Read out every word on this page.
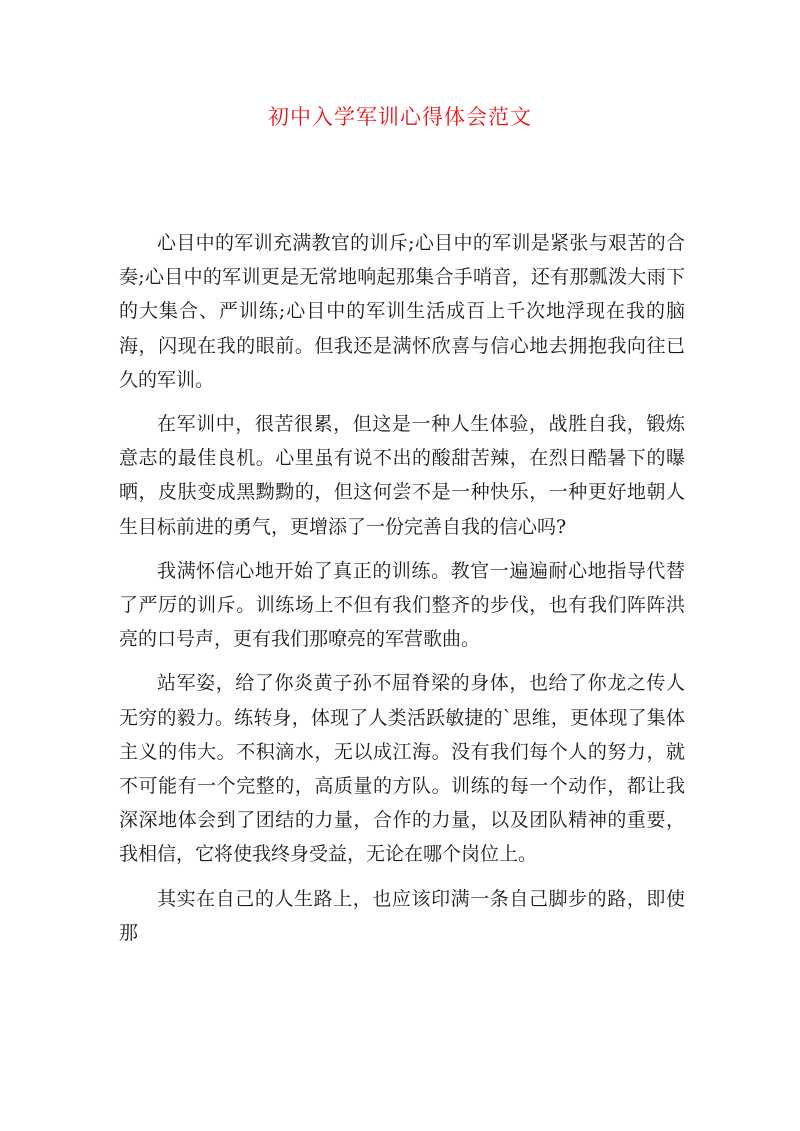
初中入学军训心得体会范文

心目中的军训充满教官的训斥;心目中的军训是紧张与艰苦的合奏;心目中的军训更是无常地响起那集合手哨音，还有那瓢泼大雨下的大集合、严训练;心目中的军训生活成百上千次地浮现在我的脑海，闪现在我的眼前。但我还是满怀欣喜与信心地去拥抱我向往已久的军训。

在军训中，很苦很累，但这是一种人生体验，战胜自我，锻炼意志的最佳良机。心里虽有说不出的酸甜苦辣，在烈日酷暑下的曝晒，皮肤变成黑黝黝的，但这何尝不是一种快乐，一种更好地朝人生目标前进的勇气，更增添了一份完善自我的信心吗?

我满怀信心地开始了真正的训练。教官一遍遍耐心地指导代替了严厉的训斥。训练场上不但有我们整齐的步伐，也有我们阵阵洪亮的口号声，更有我们那嘹亮的军营歌曲。

站军姿，给了你炎黄子孙不屈脊梁的身体，也给了你龙之传人无穷的毅力。练转身，体现了人类活跃敏捷的`思维，更体现了集体主义的伟大。不积滴水，无以成江海。没有我们每个人的努力，就不可能有一个完整的，高质量的方队。训练的每一个动作，都让我深深地体会到了团结的力量，合作的力量，以及团队精神的重要，我相信，它将使我终身受益，无论在哪个岗位上。

其实在自己的人生路上，也应该印满一条自己脚步的路，即使那
